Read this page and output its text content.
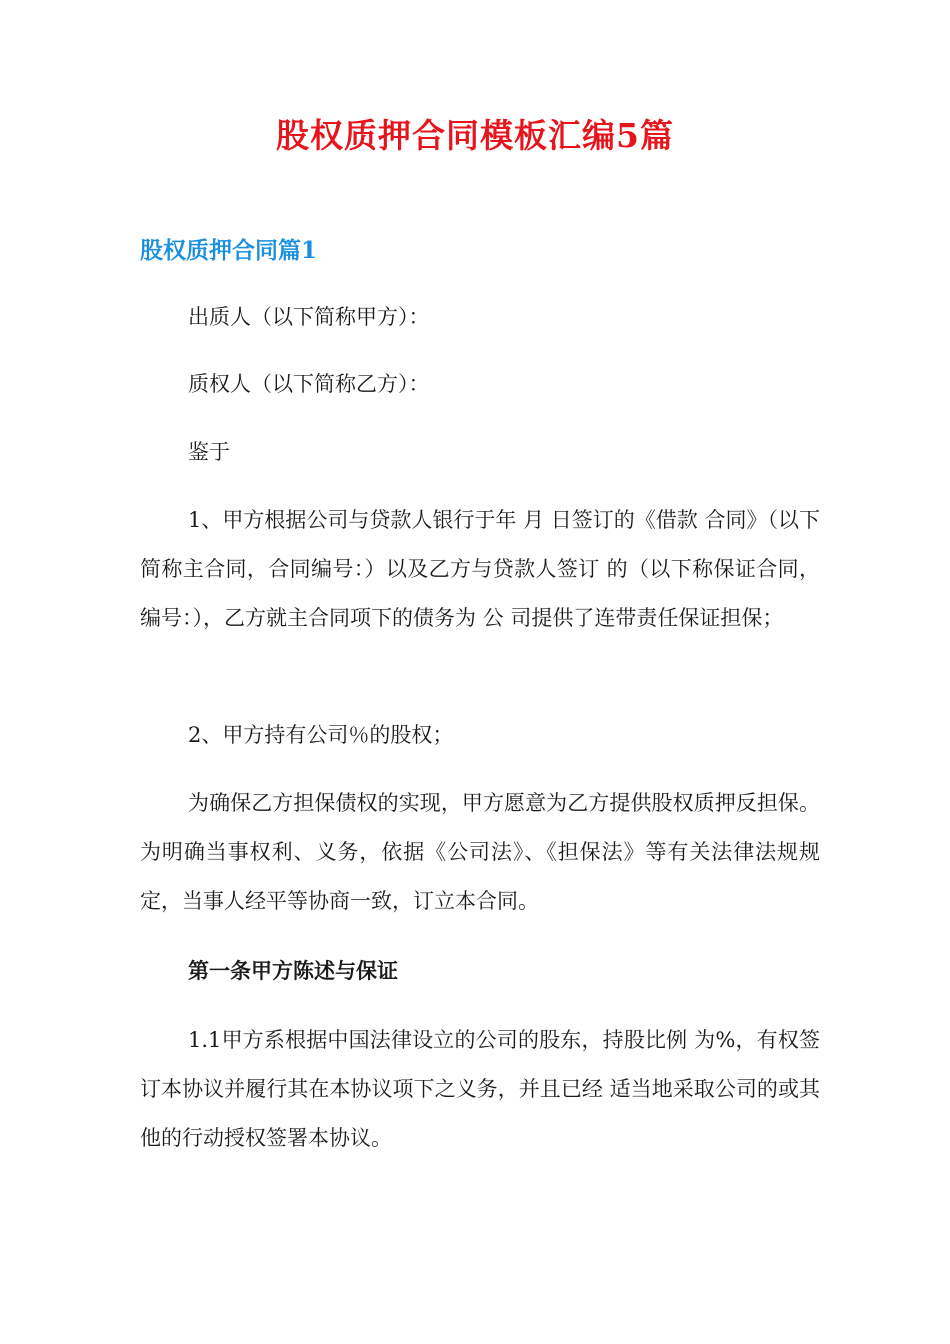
股权质押合同模板汇编5篇
股权质押合同篇1

出质人（以下简称甲方）：

质权人（以下简称乙方）：

鉴于

1、甲方根据公司与贷款人银行于年 月 日签订的《借款 合同》（以下简称主合同，合同编号：）以及乙方与贷款人签订 的（以下称保证合同，编号：），乙方就主合同项下的债务为 公 司提供了连带责任保证担保；

2、甲方持有公司％的股权；

为确保乙方担保债权的实现，甲方愿意为乙方提供股权质押反担保。为明确当事权利、义务，依据《公司法》、《担保法》等有关法律法规规定，当事人经平等协商一致，订立本合同。

第一条甲方陈述与保证

1.1甲方系根据中国法律设立的公司的股东，持股比例 为%，有权签订本协议并履行其在本协议项下之义务，并且已经 适当地采取公司的或其他的行动授权签署本协议。
